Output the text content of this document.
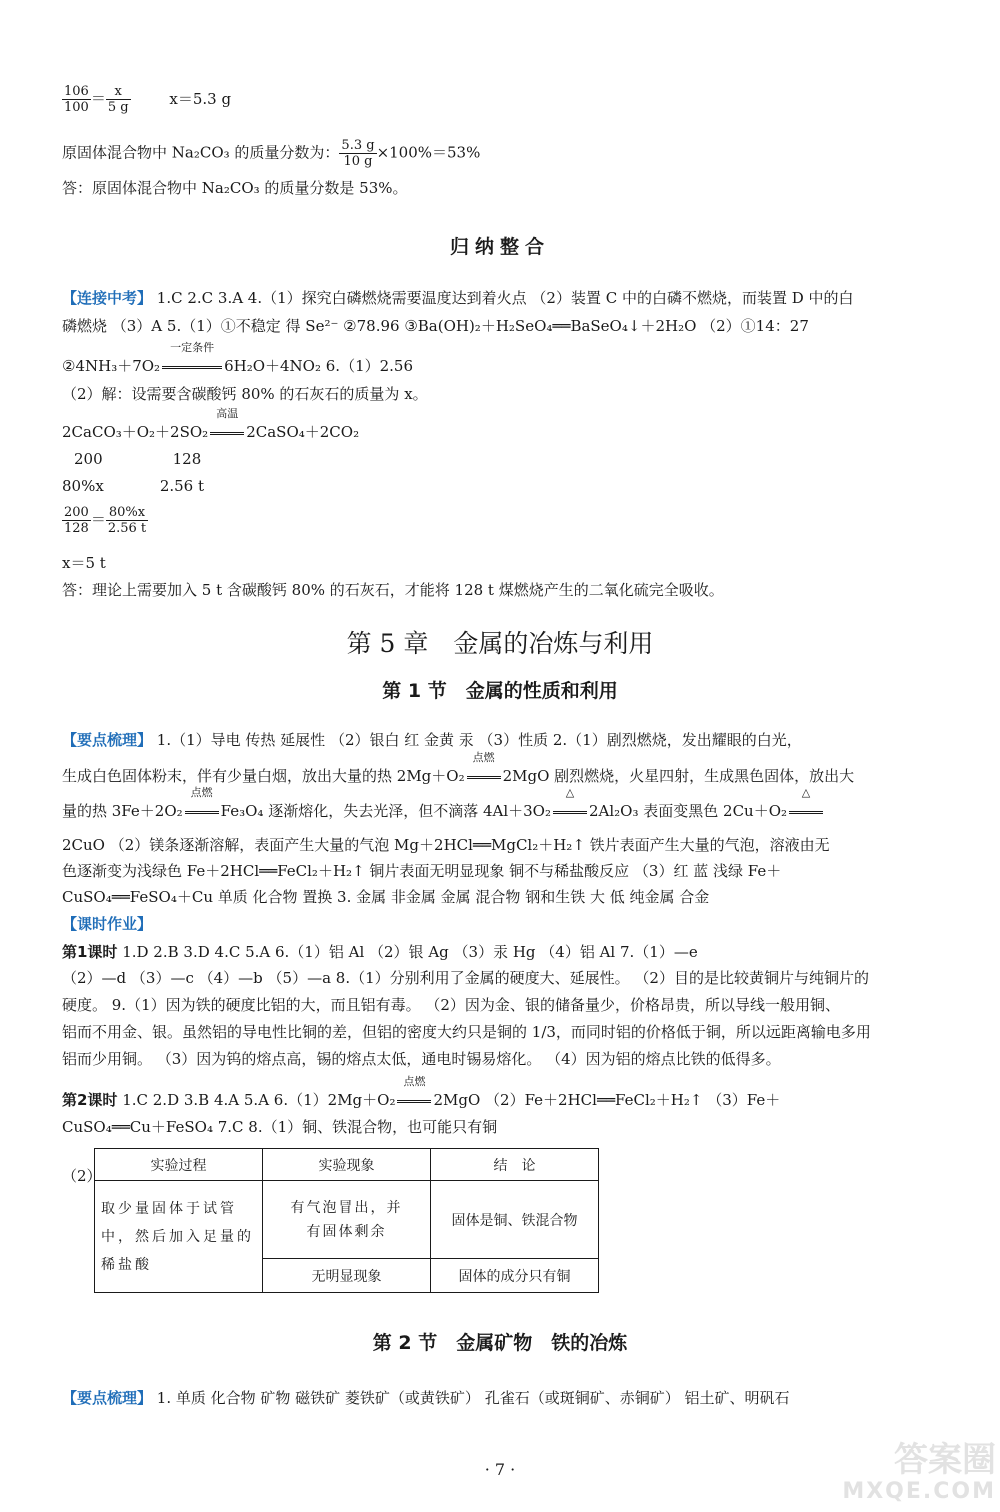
$\frac{106}{100} = \frac{x}{5 g}$	x＝5.3 g
原固体混合物中 Na₂CO₃ 的质量分数为： $\frac{5.3 g}{10 g} \times 100\%=53\%$
答：原固体混合物中 Na₂CO₃ 的质量分数是 53%。
归纳整合
【连接中考】 1.C 2.C 3.A 4.（1）探究白磷燃烧需要温度达到着火点 （2）装置 C 中的白磷不燃烧，而装置 D 中的白
磷燃烧 （3）A 5.（1）①不稳定 得 Se²⁻ ②78.96 ③Ba(OH)₂＋H₂SeO₄══BaSeO₄↓＋2H₂O （2）①14：27
②4NH₃＋7O₂
一定条件
6H₂O＋4NO₂ 6.（1）2.56
（2）解：设需要含碳酸钙 80% 的石灰石的质量为 x。
2CaCO₃＋O₂＋2SO₂
高温
2CaSO₄＋2CO₂
200	128
80%x	2.56 t
$\frac{200}{128} = \frac{80\%x}{2.56 t}$
x＝5 t
答：理论上需要加入 5 t 含碳酸钙 80% 的石灰石，才能将 128 t 煤燃烧产生的二氧化硫完全吸收。
第 5 章　金属的冶炼与利用
第 1 节　金属的性质和利用
【要点梳理】 1.（1）导电 传热 延展性 （2）银白 红 金黄 汞 （3）性质 2.（1）剧烈燃烧，发出耀眼的白光，
生成白色固体粉末，伴有少量白烟，放出大量的热 2Mg＋O₂
点燃
2MgO 剧烈燃烧，火星四射，生成黑色固体，放出大
量的热 3Fe＋2O₂
点燃
Fe₃O₄ 逐渐熔化，失去光泽，但不滴落 4Al＋3O₂
△
2Al₂O₃ 表面变黑色 2Cu＋O₂
△
2CuO （2）镁条逐渐溶解，表面产生大量的气泡 Mg＋2HCl══MgCl₂＋H₂↑ 铁片表面产生大量的气泡，溶液由无
色逐渐变为浅绿色 Fe＋2HCl══FeCl₂＋H₂↑ 铜片表面无明显现象 铜不与稀盐酸反应 （3）红 蓝 浅绿 Fe＋
CuSO₄══FeSO₄＋Cu 单质 化合物 置换 3. 金属 非金属 金属 混合物 钢和生铁 大 低 纯金属 合金
【课时作业】
第1课时 1.D 2.B 3.D 4.C 5.A 6.（1）铝 Al （2）银 Ag （3）汞 Hg （4）铝 Al 7.（1）—e
（2）—d （3）—c （4）—b （5）—a 8.（1）分别利用了金属的硬度大、延展性。 （2）目的是比较黄铜片与纯铜片的
硬度。 9.（1）因为铁的硬度比铝的大，而且铝有毒。 （2）因为金、银的储备量少，价格昂贵，所以导线一般用铜、
铝而不用金、银。虽然铝的导电性比铜的差，但铝的密度大约只是铜的 1/3，而同时铝的价格低于铜，所以远距离输电多用
铝而少用铜。 （3）因为钨的熔点高，锡的熔点太低，通电时锡易熔化。 （4）因为铝的熔点比铁的低得多。
第2课时 1.C 2.D 3.B 4.A 5.A 6.（1）2Mg＋O₂
点燃
2MgO （2）Fe＋2HCl══FeCl₂＋H₂↑ （3）Fe＋
CuSO₄══Cu＋FeSO₄ 7.C 8.（1）铜、铁混合物，也可能只有铜
（2）
实验过程	实验现象	结　论
取少量固体于试管中，然后加入足量的稀盐酸	有气泡冒出，并有固体剩余	固体是铜、铁混合物
	无明显现象	固体的成分只有铜
第 2 节　金属矿物　铁的冶炼
【要点梳理】 1. 单质 化合物 矿物 磁铁矿 菱铁矿（或黄铁矿） 孔雀石（或斑铜矿、赤铜矿） 铝土矿、明矾石
· 7 ·	答案圈
MXQE.COM
